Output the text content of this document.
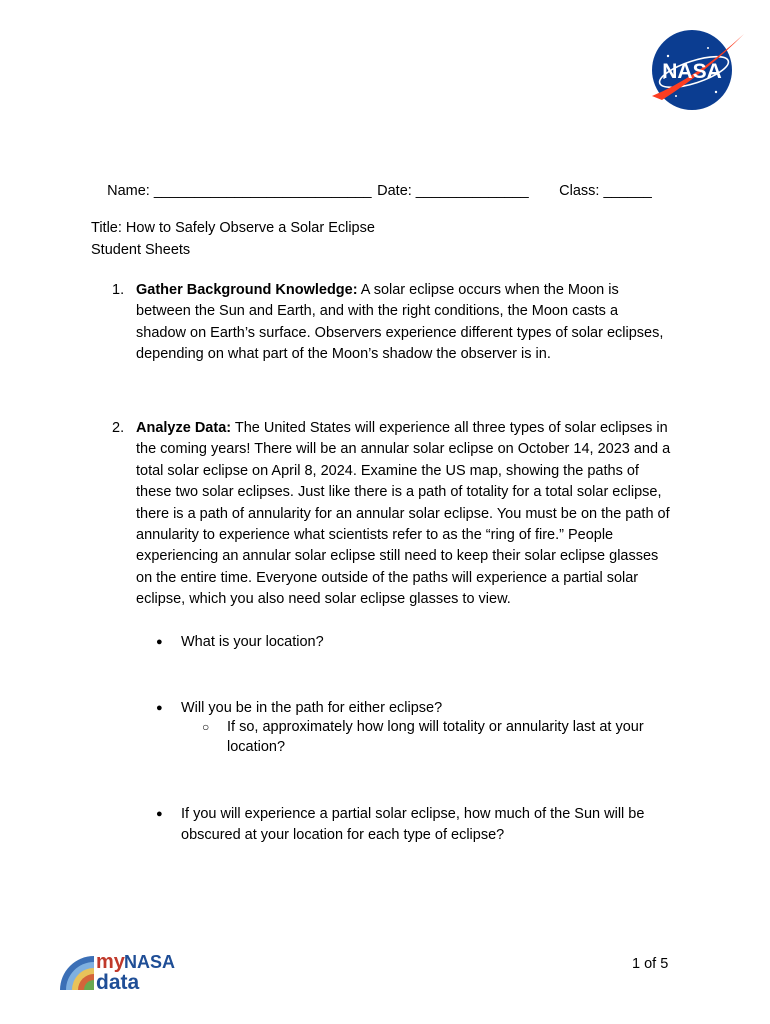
NASA

Name: ___________________________ Date: ______________ Class: ______

Title: How to Safely Observe a Solar Eclipse
Student Sheets
1. Gather Background Knowledge: A solar eclipse occurs when the Moon is between the Sun and Earth, and with the right conditions, the Moon casts a shadow on Earth’s surface. Observers experience different types of solar eclipses, depending on what part of the Moon’s shadow the observer is in.
2. Analyze Data: The United States will experience all three types of solar eclipses in the coming years! There will be an annular solar eclipse on October 14, 2023 and a total solar eclipse on April 8, 2024. Examine the US map, showing the paths of these two solar eclipses. Just like there is a path of totality for a total solar eclipse, there is a path of annularity for an annular solar eclipse. You must be on the path of annularity to experience what scientists refer to as the “ring of fire.” People experiencing an annular solar eclipse still need to keep their solar eclipse glasses on the entire time. Everyone outside of the paths will experience a partial solar eclipse, which you also need solar eclipse glasses to view.
● What is your location?
● Will you be in the path for either eclipse?
○ If so, approximately how long will totality or annularity last at your location?
● If you will experience a partial solar eclipse, how much of the Sun will be obscured at your location for each type of eclipse?
my NASA
data
1 of 5
